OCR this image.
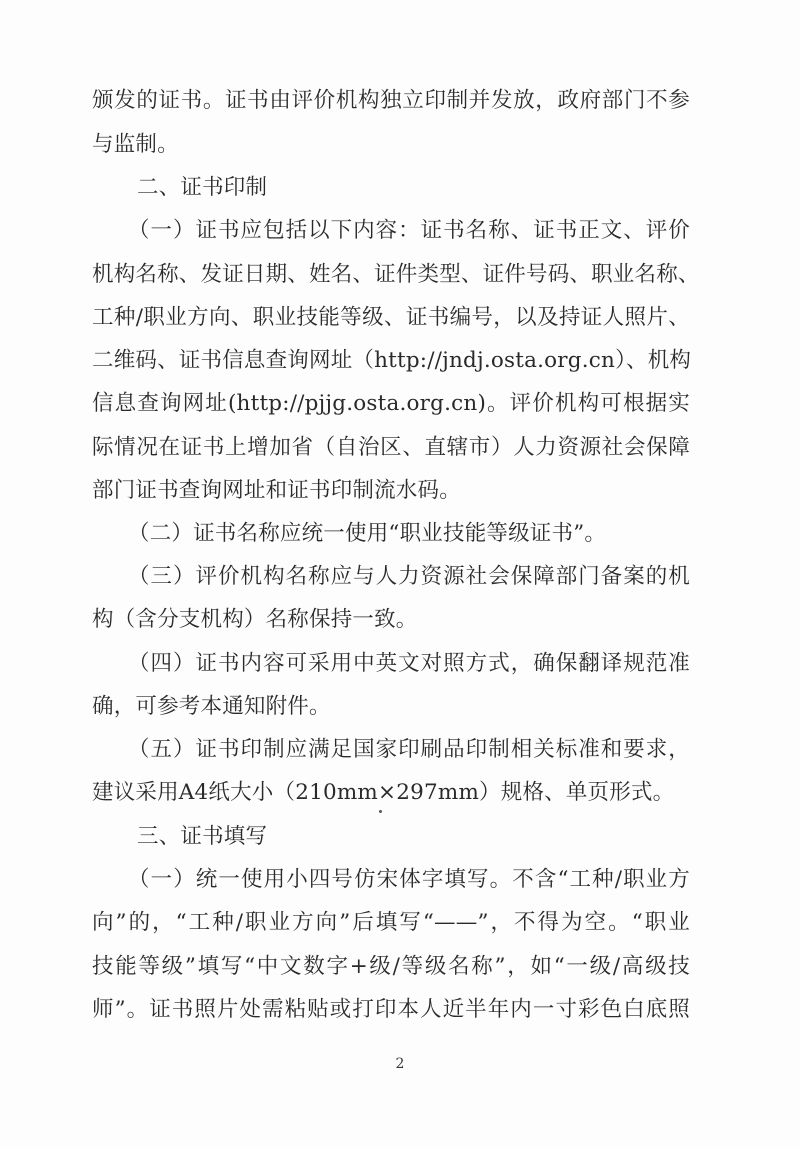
颁发的证书。证书由评价机构独立印制并发放，政府部门不参
与监制。
二、证书印制
（一）证书应包括以下内容：证书名称、证书正文、评价
机构名称、发证日期、姓名、证件类型、证件号码、职业名称、
工种/职业方向、职业技能等级、证书编号，以及持证人照片、
二维码、证书信息查询网址（http://jndj.osta.org.cn）、机构
信息查询网址(http://pjjg.osta.org.cn)。评价机构可根据实
际情况在证书上增加省（自治区、直辖市）人力资源社会保障
部门证书查询网址和证书印制流水码。
（二）证书名称应统一使用“职业技能等级证书”。
（三）评价机构名称应与人力资源社会保障部门备案的机
构（含分支机构）名称保持一致。
（四）证书内容可采用中英文对照方式，确保翻译规范准
确，可参考本通知附件。
（五）证书印制应满足国家印刷品印制相关标准和要求，
建议采用A4纸大小（210mm×297mm）规格、单页形式。
三、证书填写
（一）统一使用小四号仿宋体字填写。不含“工种/职业方
向”的，“工种/职业方向”后填写“——”，不得为空。“职业
技能等级”填写“中文数字+级/等级名称”，如“一级/高级技
师”。证书照片处需粘贴或打印本人近半年内一寸彩色白底照
2
